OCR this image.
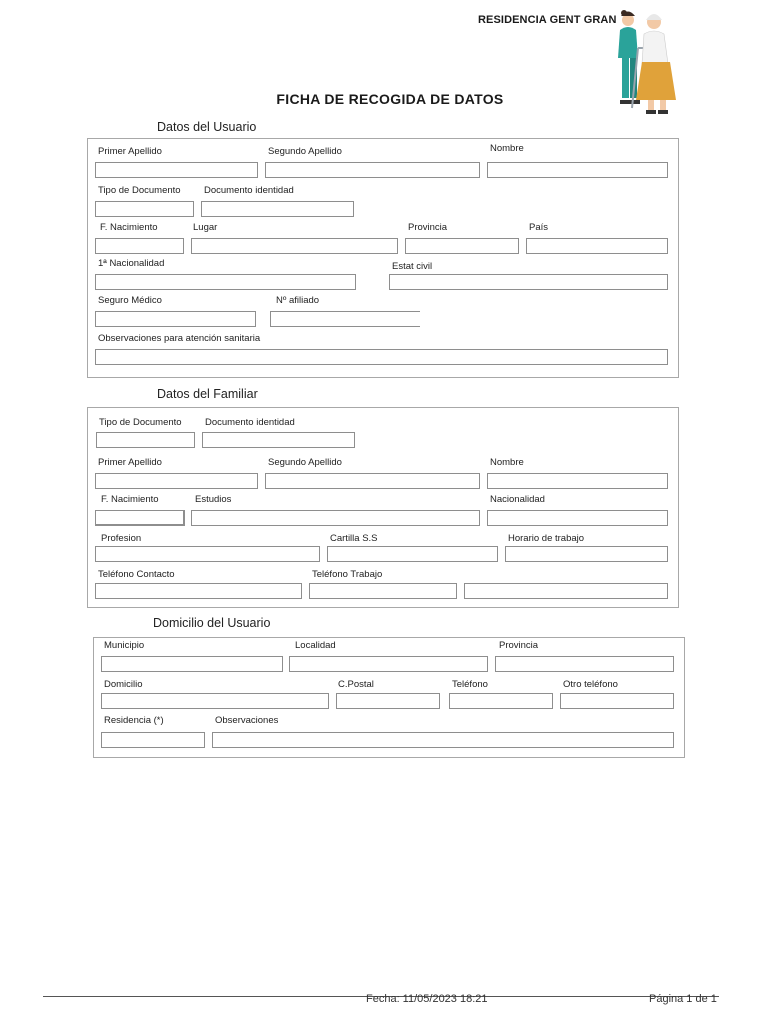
RESIDENCIA GENT GRAN
FICHA DE RECOGIDA DE DATOS
Datos del Usuario
Primer Apellido	Segundo Apellido	Nombre
Tipo de Documento Documento identidad
F. Nacimiento	Lugar	Provincia	País
1ª Nacionalidad	Estat civil
Seguro Médico	Nº afiliado
Observaciones para atención sanitaria
Datos del Familiar
Tipo de Documento Documento identidad
Primer Apellido	Segundo Apellido	Nombre
F. Nacimiento	Estudios	Nacionalidad
Profesion	Cartilla S.S	Horario de trabajo
Teléfono Contacto	Teléfono Trabajo
Domicilio del Usuario
Municipio	Localidad	Provincia
Domicilio	C.Postal	Teléfono	Otro teléfono
Residencia (*)	Observaciones
Fecha: 11/05/2023 18:21	Página 1 de 1
